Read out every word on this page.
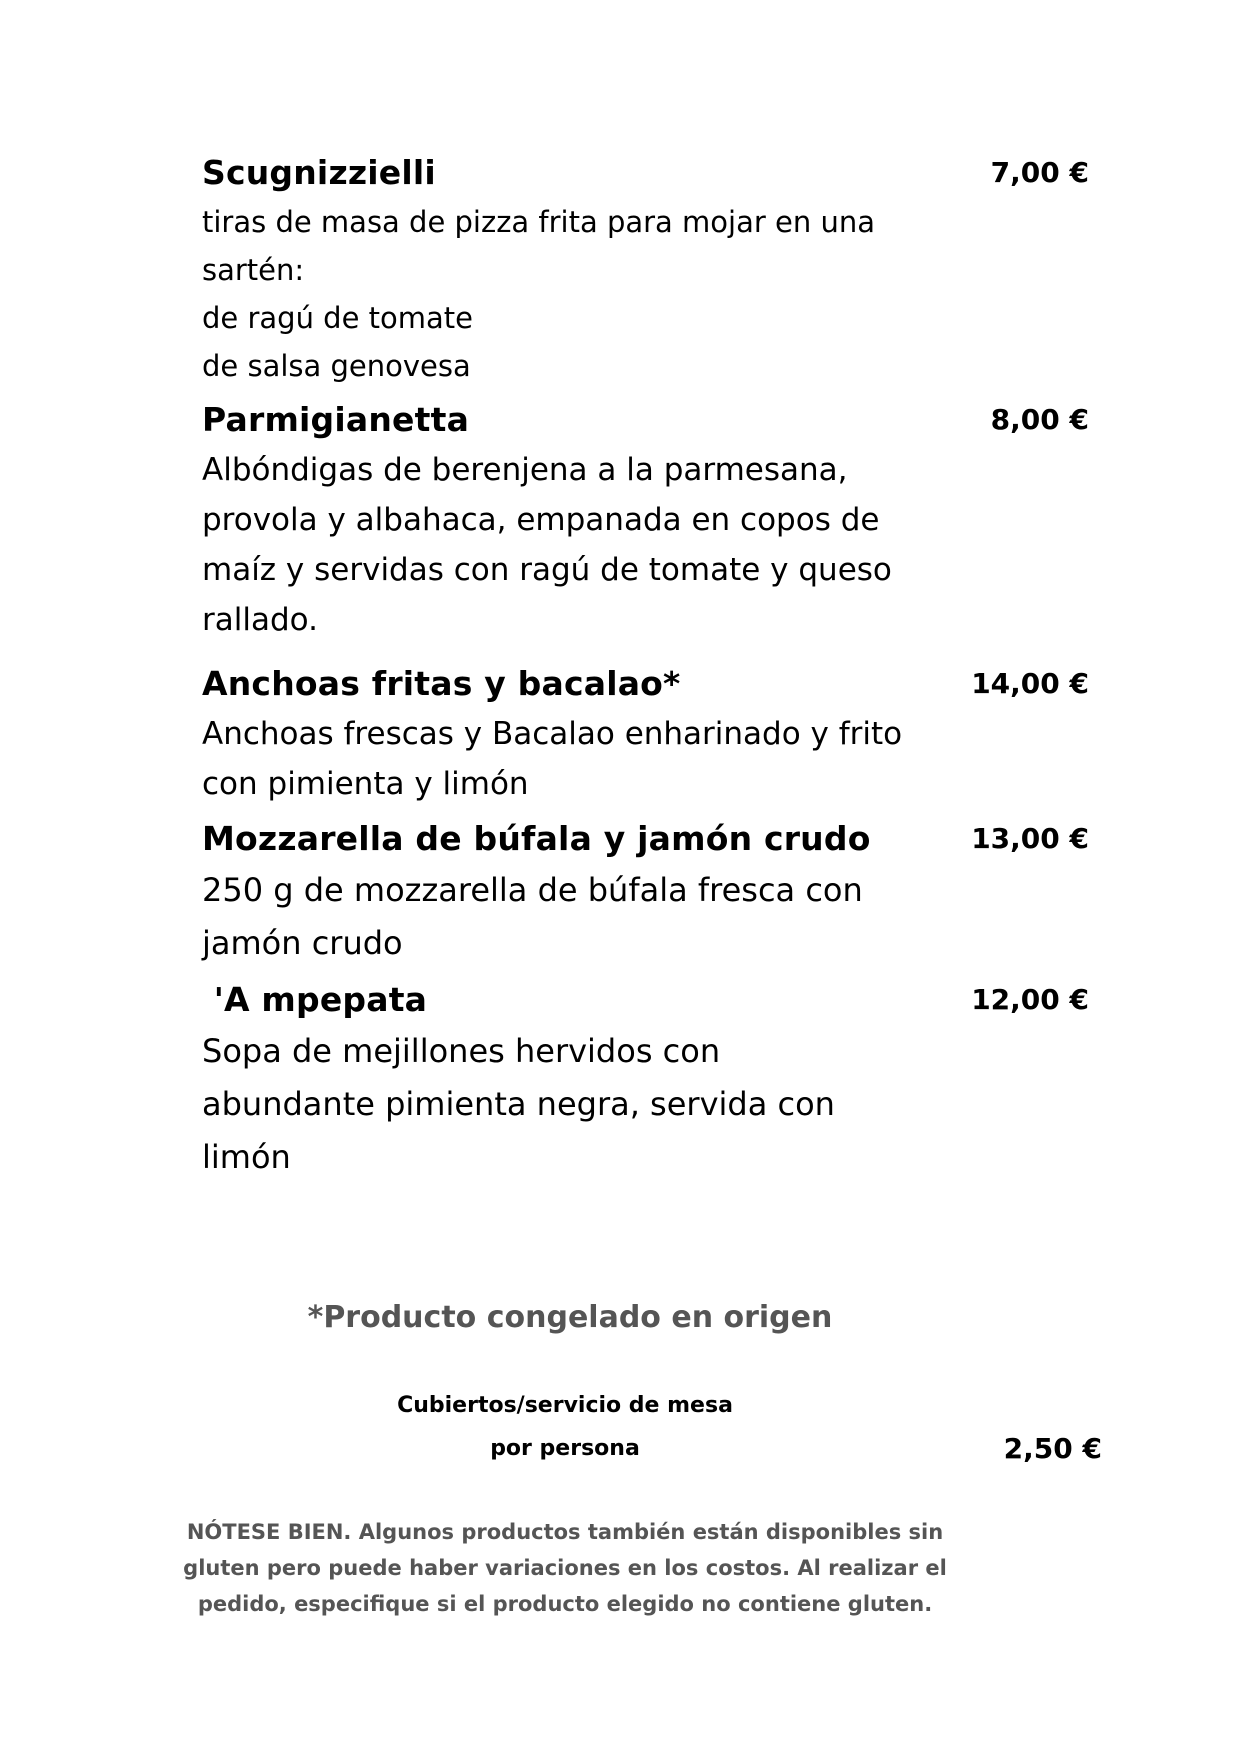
Scugnizzielli	7,00 €
tiras de masa de pizza frita para mojar en una
sartén:
de ragú de tomate
de salsa genovesa
Parmigianetta	8,00 €
Albóndigas de berenjena a la parmesana,
provola y albahaca, empanada en copos de
maíz y servidas con ragú de tomate y queso
rallado.
Anchoas fritas y bacalao*	14,00 €
Anchoas frescas y Bacalao enharinado y frito
con pimienta y limón
Mozzarella de búfala y jamón crudo	13,00 €
250 g de mozzarella de búfala fresca con
jamón crudo
'A mpepata	12,00 €
Sopa de mejillones hervidos con
abundante pimienta negra, servida con
limón
*Producto congelado en origen
Cubiertos/servicio de mesa
por persona	2,50 €
NÓTESE BIEN. Algunos productos también están disponibles sin
gluten pero puede haber variaciones en los costos. Al realizar el
pedido, especifique si el producto elegido no contiene gluten.
